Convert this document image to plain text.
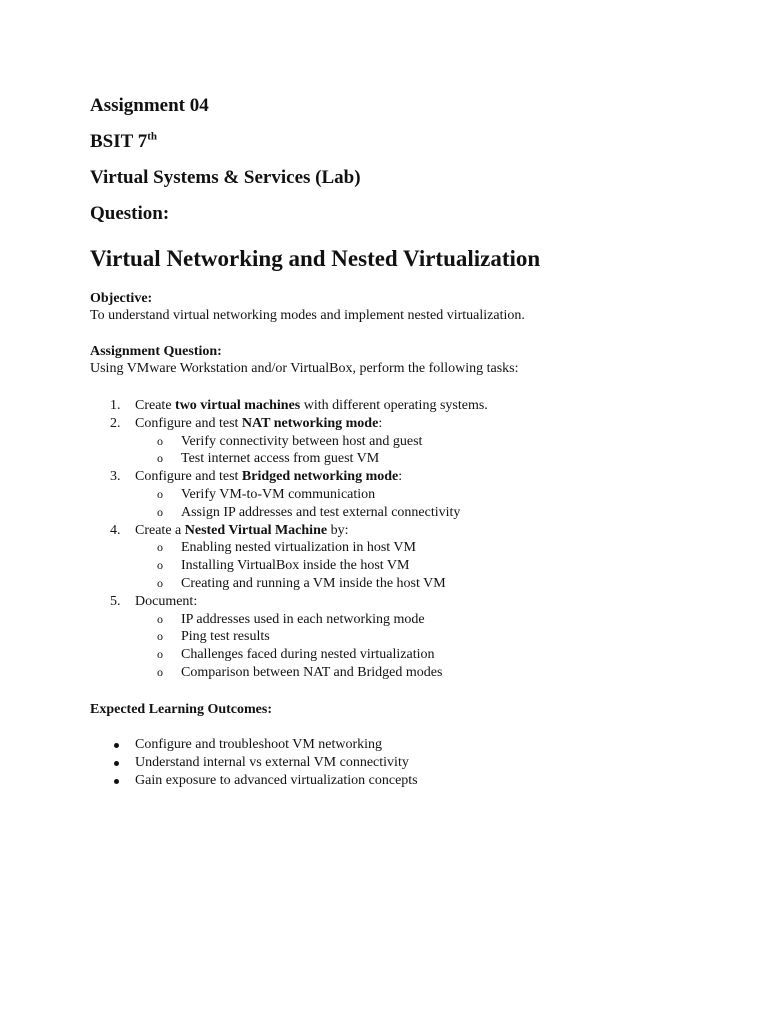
Assignment 04
BSIT 7th
Virtual Systems & Services (Lab)
Question:
Virtual Networking and Nested Virtualization
Objective:
To understand virtual networking modes and implement nested virtualization.
Assignment Question:
Using VMware Workstation and/or VirtualBox, perform the following tasks:
1.	Create two virtual machines with different operating systems.
2.	Configure and test NAT networking mode:
o Verify connectivity between host and guest
o Test internet access from guest VM
3.	Configure and test Bridged networking mode:
o Verify VM-to-VM communication
o Assign IP addresses and test external connectivity
4.	Create a Nested Virtual Machine by:
o Enabling nested virtualization in host VM
o Installing VirtualBox inside the host VM
o Creating and running a VM inside the host VM
5.	Document:
o IP addresses used in each networking mode
o Ping test results
o Challenges faced during nested virtualization
o Comparison between NAT and Bridged modes
Expected Learning Outcomes:
Configure and troubleshoot VM networking
Understand internal vs external VM connectivity
Gain exposure to advanced virtualization concepts
